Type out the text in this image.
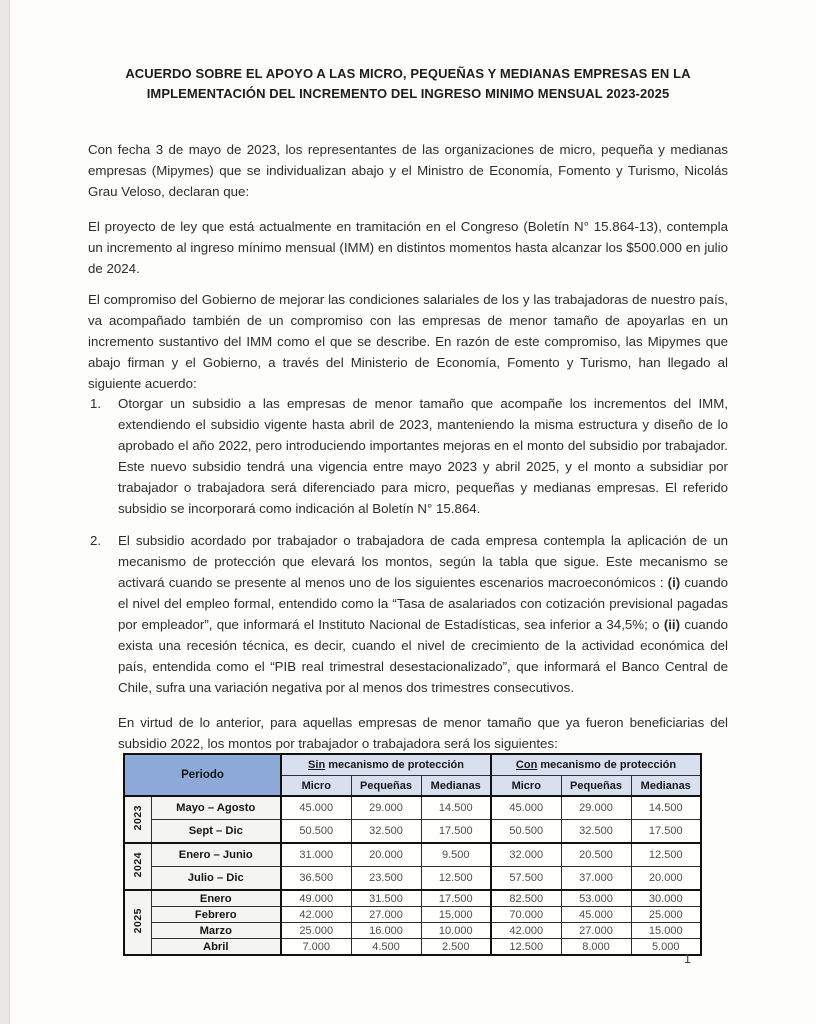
ACUERDO SOBRE EL APOYO A LAS MICRO, PEQUEÑAS Y MEDIANAS EMPRESAS EN LA
IMPLEMENTACIÓN DEL INCREMENTO DEL INGRESO MINIMO MENSUAL 2023-2025

Con fecha 3 de mayo de 2023, los representantes de las organizaciones de micro, pequeña y medianas empresas (Mipymes) que se individualizan abajo y el Ministro de Economía, Fomento y Turismo, Nicolás Grau Veloso, declaran que:

El proyecto de ley que está actualmente en tramitación en el Congreso (Boletín N° 15.864-13), contempla un incremento al ingreso mínimo mensual (IMM) en distintos momentos hasta alcanzar los $500.000 en julio de 2024.

El compromiso del Gobierno de mejorar las condiciones salariales de los y las trabajadoras de nuestro país, va acompañado también de un compromiso con las empresas de menor tamaño de apoyarlas en un incremento sustantivo del IMM como el que se describe. En razón de este compromiso, las Mipymes que abajo firman y el Gobierno, a través del Ministerio de Economía, Fomento y Turismo, han llegado al siguiente acuerdo:

1. Otorgar un subsidio a las empresas de menor tamaño que acompañe los incrementos del IMM, extendiendo el subsidio vigente hasta abril de 2023, manteniendo la misma estructura y diseño de lo aprobado el año 2022, pero introduciendo importantes mejoras en el monto del subsidio por trabajador. Este nuevo subsidio tendrá una vigencia entre mayo 2023 y abril 2025, y el monto a subsidiar por trabajador o trabajadora será diferenciado para micro, pequeñas y medianas empresas. El referido subsidio se incorporará como indicación al Boletín N° 15.864.
2. El subsidio acordado por trabajador o trabajadora de cada empresa contempla la aplicación de un mecanismo de protección que elevará los montos, según la tabla que sigue. Este mecanismo se activará cuando se presente al menos uno de los siguientes escenarios macroeconómicos : (i) cuando el nivel del empleo formal, entendido como la “Tasa de asalariados con cotización previsional pagadas por empleador”, que informará el Instituto Nacional de Estadísticas, sea inferior a 34,5%; o (ii) cuando exista una recesión técnica, es decir, cuando el nivel de crecimiento de la actividad económica del país, entendida como el “PIB real trimestral desestacionalizado”, que informará el Banco Central de Chile, sufra una variación negativa por al menos dos trimestres consecutivos.

En virtud de lo anterior, para aquellas empresas de menor tamaño que ya fueron beneficiarias del subsidio 2022, los montos por trabajador o trabajadora será los siguientes:

Periodo		Sin mecanismo de protección			Con mecanismo de protección		
		Micro	Pequeñas	Medianas	Micro	Pequeñas	Medianas
2023	Mayo – Agosto	45.000	29.000	14.500	45.000	29.000	14.500
	Sept – Dic	50.500	32.500	17.500	50.500	32.500	17.500
2024	Enero – Junio	31.000	20.000	9.500	32.000	20.500	12.500
	Julio – Dic	36.500	23.500	12.500	57.500	37.000	20.000
2025	Enero	49.000	31.500	17.500	82.500	53.000	30.000
	Febrero	42.000	27.000	15.000	70.000	45.000	25.000
	Marzo	25.000	16.000	10.000	42.000	27.000	15.000
	Abril	7.000	4.500	2.500	12.500	8.000	5.000
1
